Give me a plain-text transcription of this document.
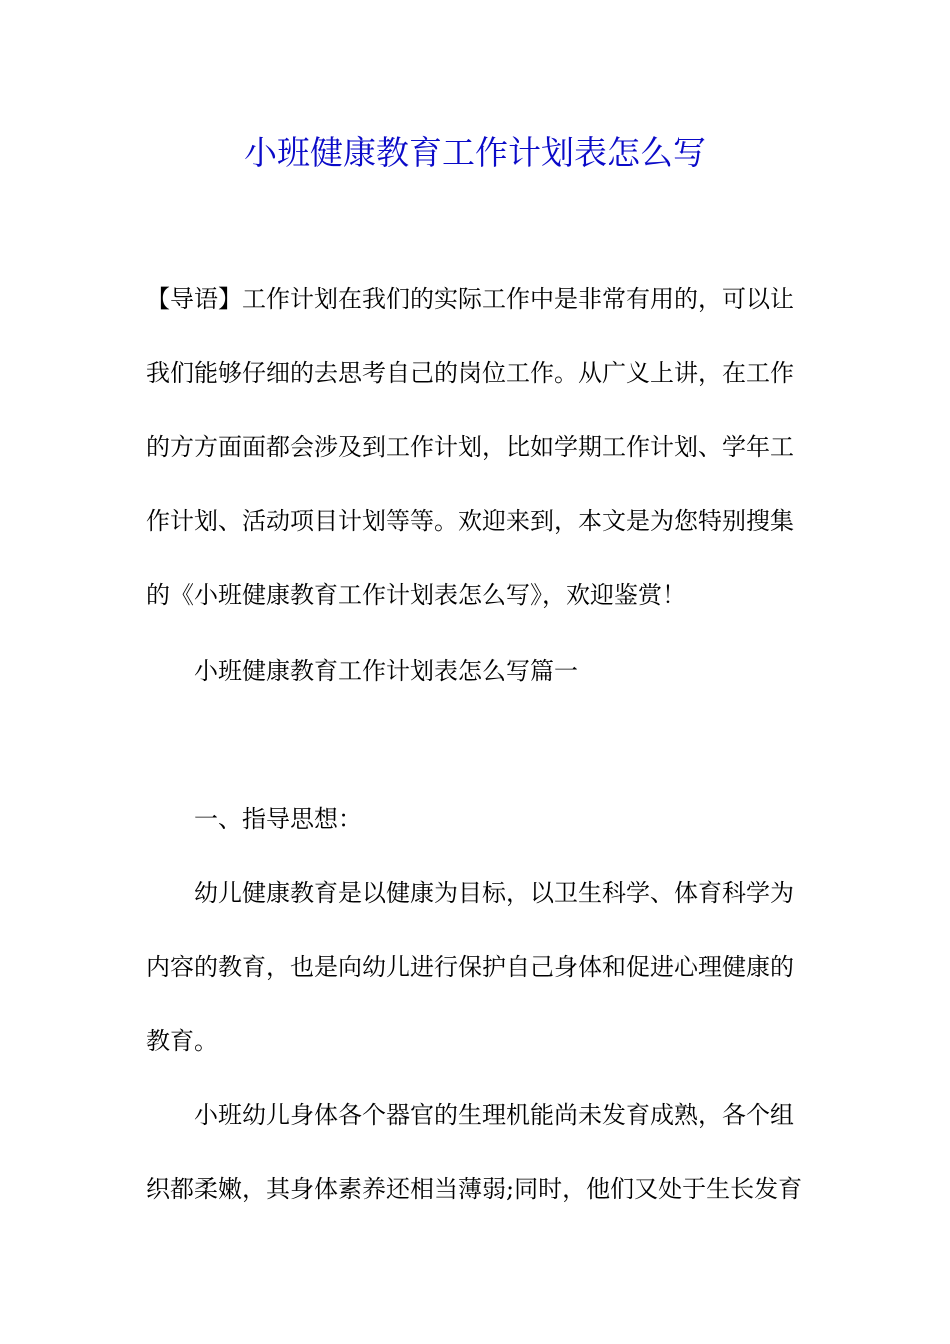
小班健康教育工作计划表怎么写
【导语】工作计划在我们的实际工作中是非常有用的，可以让
我们能够仔细的去思考自己的岗位工作。从广义上讲，在工作
的方方面面都会涉及到工作计划，比如学期工作计划、学年工
作计划、活动项目计划等等。欢迎来到，本文是为您特别搜集
的《小班健康教育工作计划表怎么写》，欢迎鉴赏！
小班健康教育工作计划表怎么写篇一
一、指导思想：
幼儿健康教育是以健康为目标，以卫生科学、体育科学为
内容的教育，也是向幼儿进行保护自己身体和促进心理健康的
教育。
小班幼儿身体各个器官的生理机能尚未发育成熟，各个组
织都柔嫩，其身体素养还相当薄弱;同时，他们又处于生长发育
